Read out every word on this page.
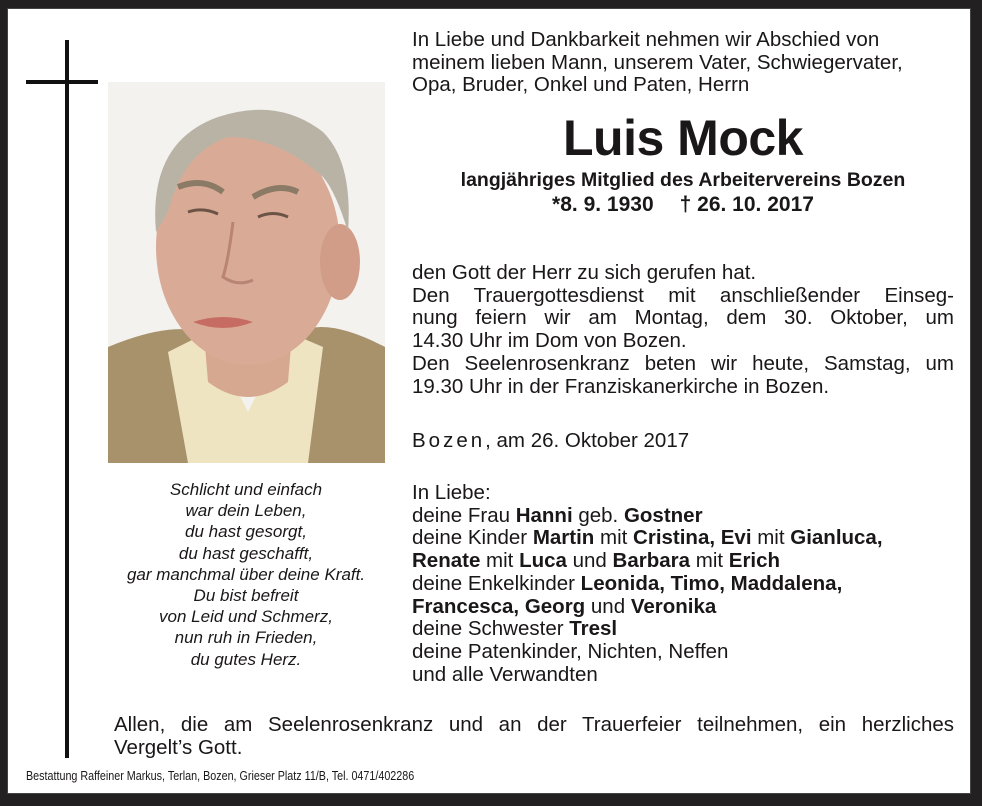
Schlicht und einfach
war dein Leben,
du hast gesorgt,
du hast geschafft,
gar manchmal über deine Kraft.
Du bist befreit
von Leid und Schmerz,
nun ruh in Frieden,
du gutes Herz.
In Liebe und Dankbarkeit nehmen wir Abschied von
meinem lieben Mann, unserem Vater, Schwiegervater,
Opa, Bruder, Onkel und Paten, Herrn
Luis Mock
langjähriges Mitglied des Arbeitervereins Bozen
*8. 9. 1930 † 26. 10. 2017
den Gott der Herr zu sich gerufen hat.
Den Trauergottesdienst mit anschließender Einseg-
nung feiern wir am Montag, dem 30. Oktober, um
14.30 Uhr im Dom von Bozen.
Den Seelenrosenkranz beten wir heute, Samstag, um
19.30 Uhr in der Franziskanerkirche in Bozen.
Bozen, am 26. Oktober 2017
In Liebe:
deine Frau Hanni geb. Gostner
deine Kinder Martin mit Cristina, Evi mit Gianluca,
Renate mit Luca und Barbara mit Erich
deine Enkelkinder Leonida, Timo, Maddalena,
Francesca, Georg und Veronika
deine Schwester Tresl
deine Patenkinder, Nichten, Neffen
und alle Verwandten
Allen, die am Seelenrosenkranz und an der Trauerfeier teilnehmen, ein herzliches
Vergelt’s Gott.
Bestattung Raffeiner Markus, Terlan, Bozen, Grieser Platz 11/B, Tel. 0471/402286
